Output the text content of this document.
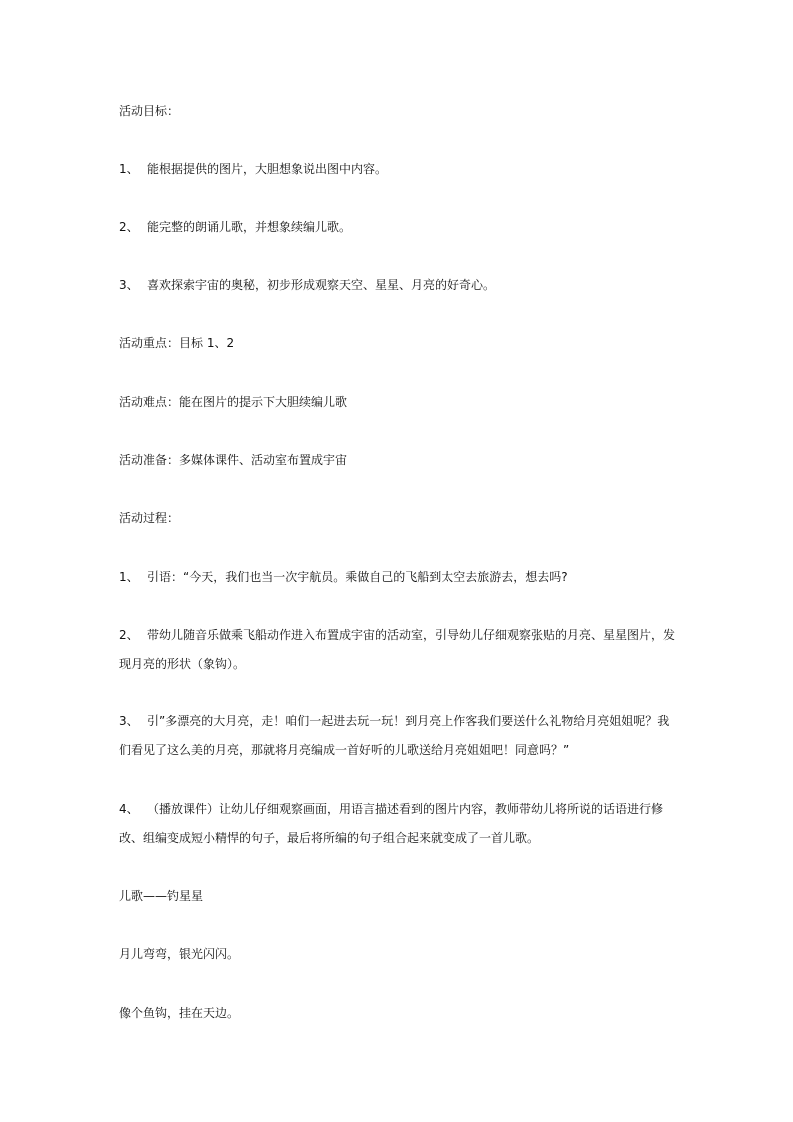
活动目标：

1、 能根据提供的图片，大胆想象说出图中内容。

2、 能完整的朗诵儿歌，并想象续编儿歌。

3、 喜欢探索宇宙的奥秘，初步形成观察天空、星星、月亮的好奇心。

活动重点：目标 1、2

活动难点：能在图片的提示下大胆续编儿歌

活动准备：多媒体课件、活动室布置成宇宙

活动过程：

1、 引语：“今天，我们也当一次宇航员。乘做自己的飞船到太空去旅游去，想去吗?

2、 带幼儿随音乐做乘飞船动作进入布置成宇宙的活动室，引导幼儿仔细观察张贴的月亮、星星图片，发现月亮的形状（象钩）。

3、 引”多漂亮的大月亮，走！咱们一起进去玩一玩！到月亮上作客我们要送什么礼物给月亮姐姐呢？我们看见了这么美的月亮，那就将月亮编成一首好听的儿歌送给月亮姐姐吧！同意吗？”

4、 （播放课件）让幼儿仔细观察画面，用语言描述看到的图片内容，教师带幼儿将所说的话语进行修改、组编变成短小精悍的句子，最后将所编的句子组合起来就变成了一首儿歌。

儿歌——钓星星

月儿弯弯，银光闪闪。

像个鱼钩，挂在天边。
